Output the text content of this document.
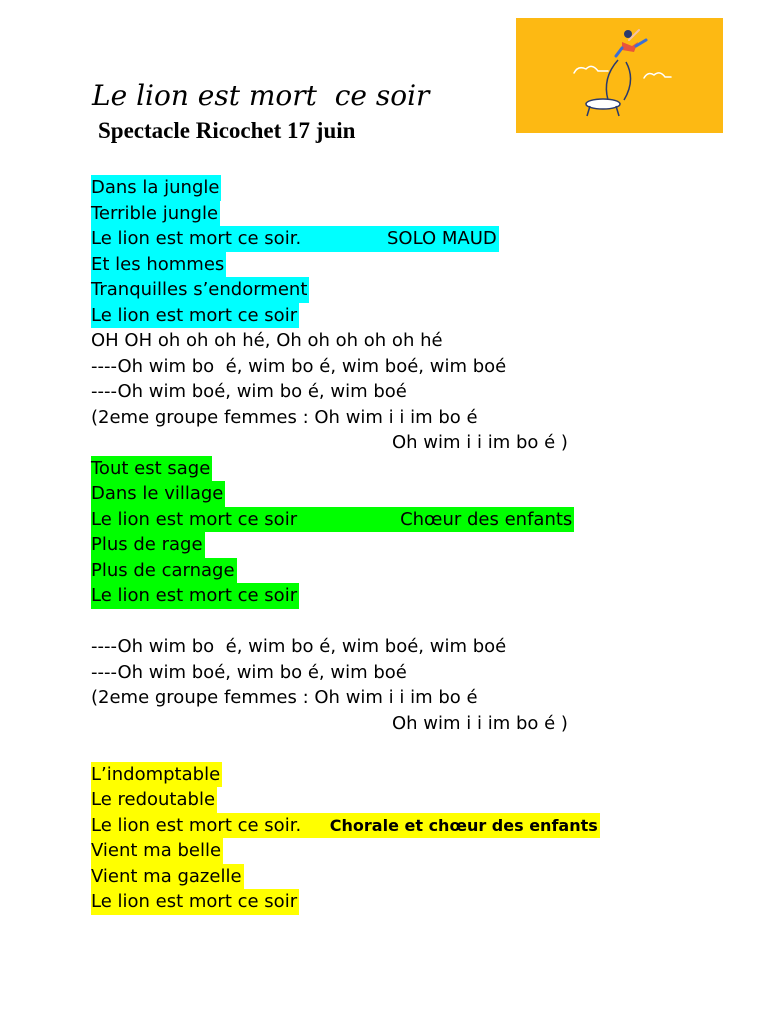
Le lion est mort  ce soir
Spectacle Ricochet 17 juin
Dans la jungle
Terrible jungle
Le lion est mort ce soir.               SOLO MAUD
Et les hommes
Tranquilles s’endorment
Le lion est mort ce soir
OH OH oh oh oh hé, Oh oh oh oh oh hé
----Oh wim bo  é, wim bo é, wim boé, wim boé
----Oh wim boé, wim bo é, wim boé
(2eme groupe femmes : Oh wim i i im bo é
Oh wim i i im bo é )
Tout est sage
Dans le village
Le lion est mort ce soir                  Chœur des enfants
Plus de rage
Plus de carnage
Le lion est mort ce soir
----Oh wim bo  é, wim bo é, wim boé, wim boé
----Oh wim boé, wim bo é, wim boé
(2eme groupe femmes : Oh wim i i im bo é
Oh wim i i im bo é )
L’indomptable
Le redoutable
Le lion est mort ce soir.     Chorale et chœur des enfants
Vient ma belle
Vient ma gazelle
Le lion est mort ce soir
